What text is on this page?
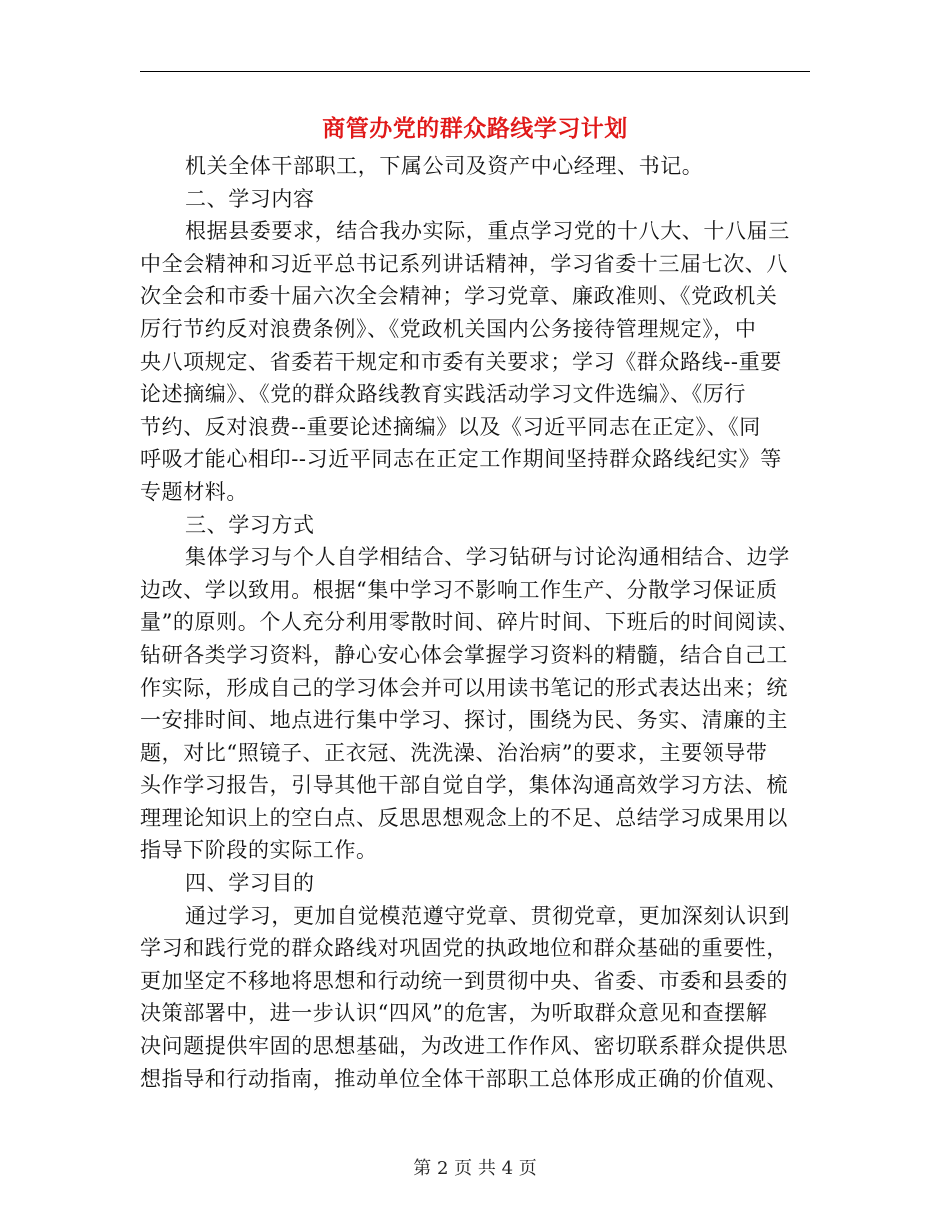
商管办党的群众路线学习计划
机关全体干部职工，下属公司及资产中心经理、书记。
二、学习内容
根据县委要求，结合我办实际，重点学习党的十八大、十八届三
中全会精神和习近平总书记系列讲话精神，学习省委十三届七次、八
次全会和市委十届六次全会精神；学习党章、廉政准则、《党政机关
厉行节约反对浪费条例》、《党政机关国内公务接待管理规定》，中
央八项规定、省委若干规定和市委有关要求；学习《群众路线--重要
论述摘编》、《党的群众路线教育实践活动学习文件选编》、《厉行
节约、反对浪费--重要论述摘编》以及《习近平同志在正定》、《同
呼吸才能心相印--习近平同志在正定工作期间坚持群众路线纪实》等
专题材料。
三、学习方式
集体学习与个人自学相结合、学习钻研与讨论沟通相结合、边学
边改、学以致用。根据“集中学习不影响工作生产、分散学习保证质
量”的原则。个人充分利用零散时间、碎片时间、下班后的时间阅读、
钻研各类学习资料，静心安心体会掌握学习资料的精髓，结合自己工
作实际，形成自己的学习体会并可以用读书笔记的形式表达出来；统
一安排时间、地点进行集中学习、探讨，围绕为民、务实、清廉的主
题，对比“照镜子、正衣冠、洗洗澡、治治病”的要求，主要领导带
头作学习报告，引导其他干部自觉自学，集体沟通高效学习方法、梳
理理论知识上的空白点、反思思想观念上的不足、总结学习成果用以
指导下阶段的实际工作。
四、学习目的
通过学习，更加自觉模范遵守党章、贯彻党章，更加深刻认识到
学习和践行党的群众路线对巩固党的执政地位和群众基础的重要性，
更加坚定不移地将思想和行动统一到贯彻中央、省委、市委和县委的
决策部署中，进一步认识“四风”的危害，为听取群众意见和查摆解
决问题提供牢固的思想基础，为改进工作作风、密切联系群众提供思
想指导和行动指南，推动单位全体干部职工总体形成正确的价值观、
第 2 页 共 4 页
